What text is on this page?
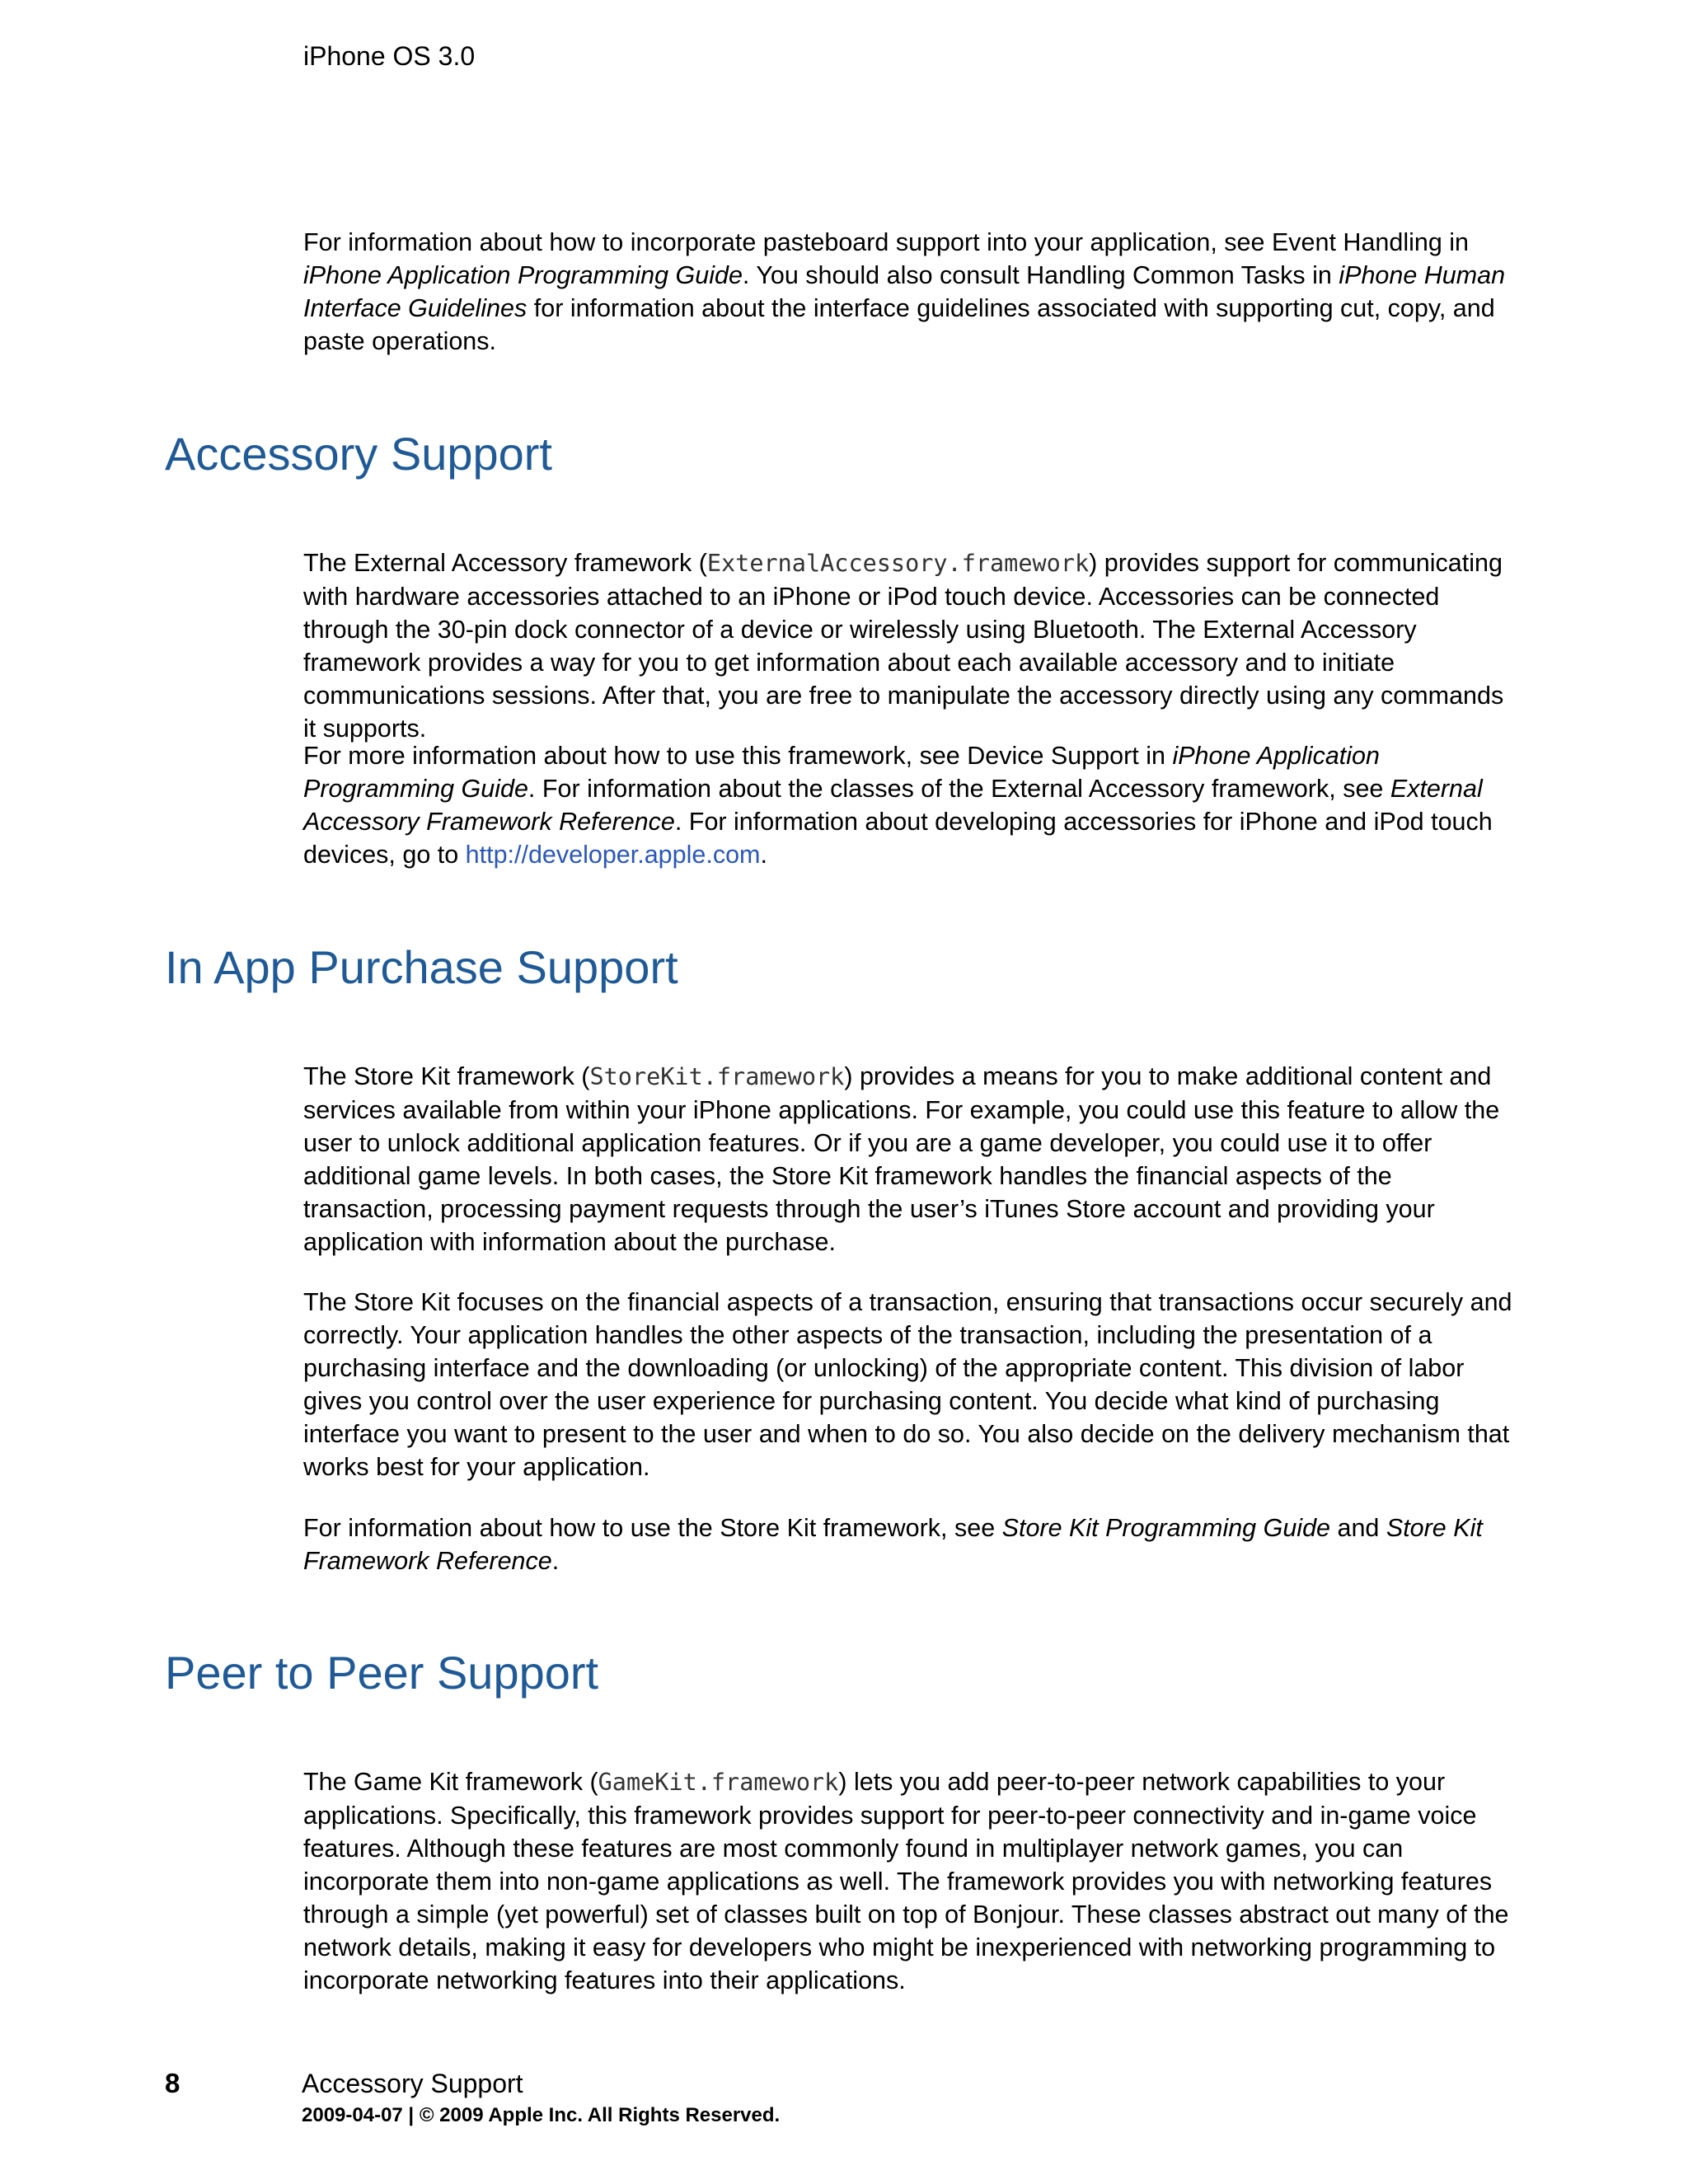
iPhone OS 3.0

For information about how to incorporate pasteboard support into your application, see Event Handling in iPhone Application Programming Guide. You should also consult Handling Common Tasks in iPhone Human Interface Guidelines for information about the interface guidelines associated with supporting cut, copy, and paste operations.

Accessory Support

The External Accessory framework (ExternalAccessory.framework) provides support for communicating with hardware accessories attached to an iPhone or iPod touch device. Accessories can be connected through the 30-pin dock connector of a device or wirelessly using Bluetooth. The External Accessory framework provides a way for you to get information about each available accessory and to initiate communications sessions. After that, you are free to manipulate the accessory directly using any commands it supports.

For more information about how to use this framework, see Device Support in iPhone Application Programming Guide. For information about the classes of the External Accessory framework, see External Accessory Framework Reference. For information about developing accessories for iPhone and iPod touch devices, go to http://developer.apple.com.

In App Purchase Support

The Store Kit framework (StoreKit.framework) provides a means for you to make additional content and services available from within your iPhone applications. For example, you could use this feature to allow the user to unlock additional application features. Or if you are a game developer, you could use it to offer additional game levels. In both cases, the Store Kit framework handles the financial aspects of the transaction, processing payment requests through the user’s iTunes Store account and providing your application with information about the purchase.

The Store Kit focuses on the financial aspects of a transaction, ensuring that transactions occur securely and correctly. Your application handles the other aspects of the transaction, including the presentation of a purchasing interface and the downloading (or unlocking) of the appropriate content. This division of labor gives you control over the user experience for purchasing content. You decide what kind of purchasing interface you want to present to the user and when to do so. You also decide on the delivery mechanism that works best for your application.

For information about how to use the Store Kit framework, see Store Kit Programming Guide and Store Kit Framework Reference.

Peer to Peer Support

The Game Kit framework (GameKit.framework) lets you add peer-to-peer network capabilities to your applications. Specifically, this framework provides support for peer-to-peer connectivity and in-game voice features. Although these features are most commonly found in multiplayer network games, you can incorporate them into non-game applications as well. The framework provides you with networking features through a simple (yet powerful) set of classes built on top of Bonjour. These classes abstract out many of the network details, making it easy for developers who might be inexperienced with networking programming to incorporate networking features into their applications.

8	Accessory Support
2009-04-07 | © 2009 Apple Inc. All Rights Reserved.
